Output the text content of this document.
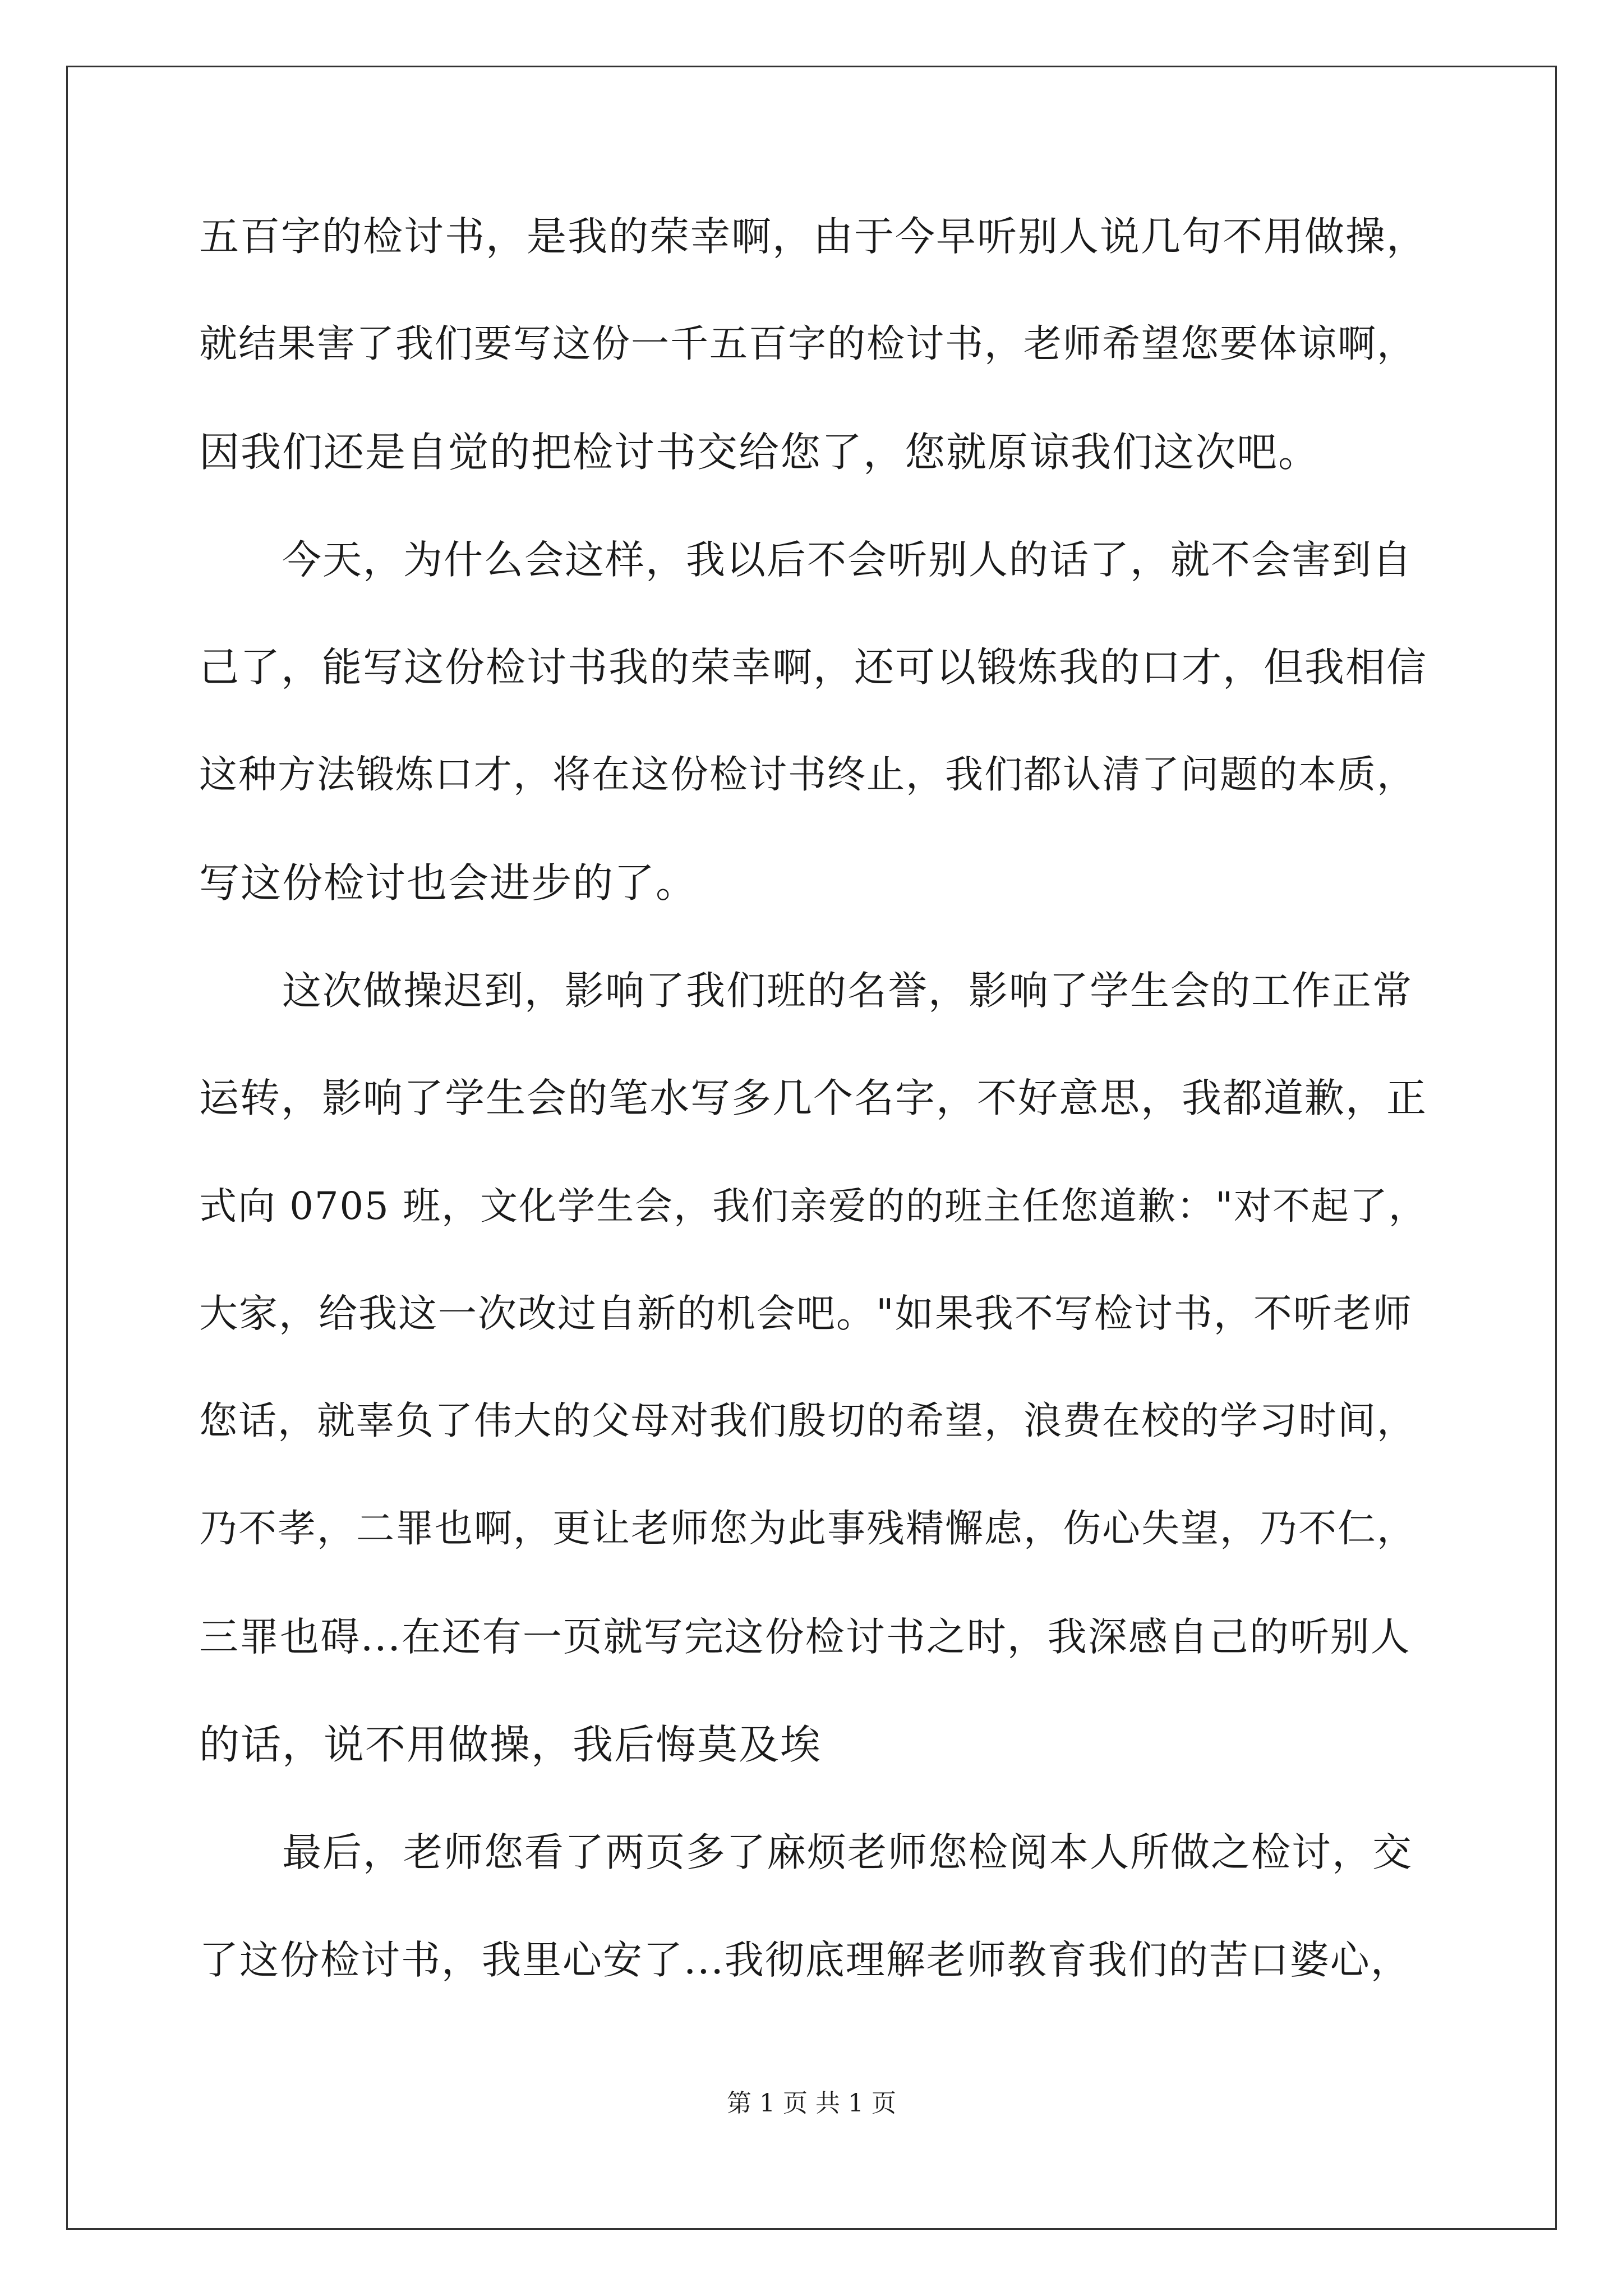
五百字的检讨书，是我的荣幸啊，由于今早听别人说几句不用做操，
就结果害了我们要写这份一千五百字的检讨书，老师希望您要体谅啊，
因我们还是自觉的把检讨书交给您了，您就原谅我们这次吧。
今天，为什么会这样，我以后不会听别人的话了，就不会害到自
己了，能写这份检讨书我的荣幸啊，还可以锻炼我的口才，但我相信
这种方法锻炼口才，将在这份检讨书终止，我们都认清了问题的本质，
写这份检讨也会进步的了。
这次做操迟到，影响了我们班的名誉，影响了学生会的工作正常
运转，影响了学生会的笔水写多几个名字，不好意思，我都道歉，正
式向 0705 班，文化学生会，我们亲爱的的班主任您道歉："对不起了，
大家，给我这一次改过自新的机会吧。"如果我不写检讨书，不听老师
您话，就辜负了伟大的父母对我们殷切的希望，浪费在校的学习时间，
乃不孝，二罪也啊，更让老师您为此事残精懈虑，伤心失望，乃不仁，
三罪也碍...在还有一页就写完这份检讨书之时，我深感自己的听别人
的话，说不用做操，我后悔莫及埃
最后，老师您看了两页多了麻烦老师您检阅本人所做之检讨，交
了这份检讨书，我里心安了...我彻底理解老师教育我们的苦口婆心，
第 1 页 共 1 页
